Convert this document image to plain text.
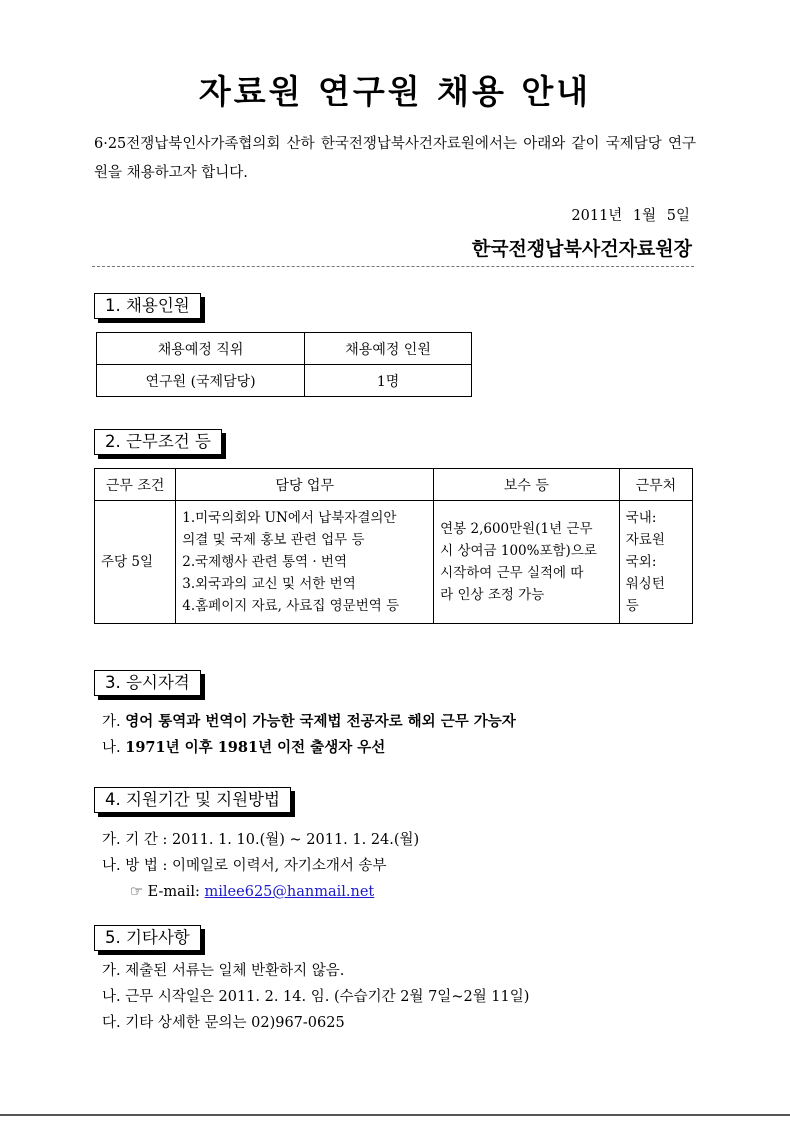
자료원 연구원 채용 안내
6·25전쟁납북인사가족협의회 산하 한국전쟁납북사건자료원에서는 아래와 같이 국제담당 연구원을 채용하고자 합니다.
2011년 1월 5일
한국전쟁납북사건자료원장
1. 채용인원
채용예정 직위	채용예정 인원
연구원 (국제담당)	1명
2. 근무조건 등
근무 조건	담당 업무	보수 등	근무처
주당 5일	1.미국의회와 UN에서 납북자결의안
의결 및 국제 홍보 관련 업무 등
2.국제행사 관련 통역 · 번역
3.외국과의 교신 및 서한 번역
4.홈페이지 자료, 사료집 영문번역 등	연봉 2,600만원(1년 근무
시 상여금 100%포함)으로
시작하여 근무 실적에 따
라 인상 조정 가능	국내:
자료원
국외:
워싱턴
등
3. 응시자격
가. 영어 통역과 번역이 가능한 국제법 전공자로 해외 근무 가능자
나. 1971년 이후 1981년 이전 출생자 우선
4. 지원기간 및 지원방법
가. 기 간 : 2011. 1. 10.(월) ~ 2011. 1. 24.(월)
나. 방 법 : 이메일로 이력서, 자기소개서 송부
☞ E-mail: milee625@hanmail.net
5. 기타사항
가. 제출된 서류는 일체 반환하지 않음.
나. 근무 시작일은 2011. 2. 14. 임. (수습기간 2월 7일~2월 11일)
다. 기타 상세한 문의는 02)967-0625
